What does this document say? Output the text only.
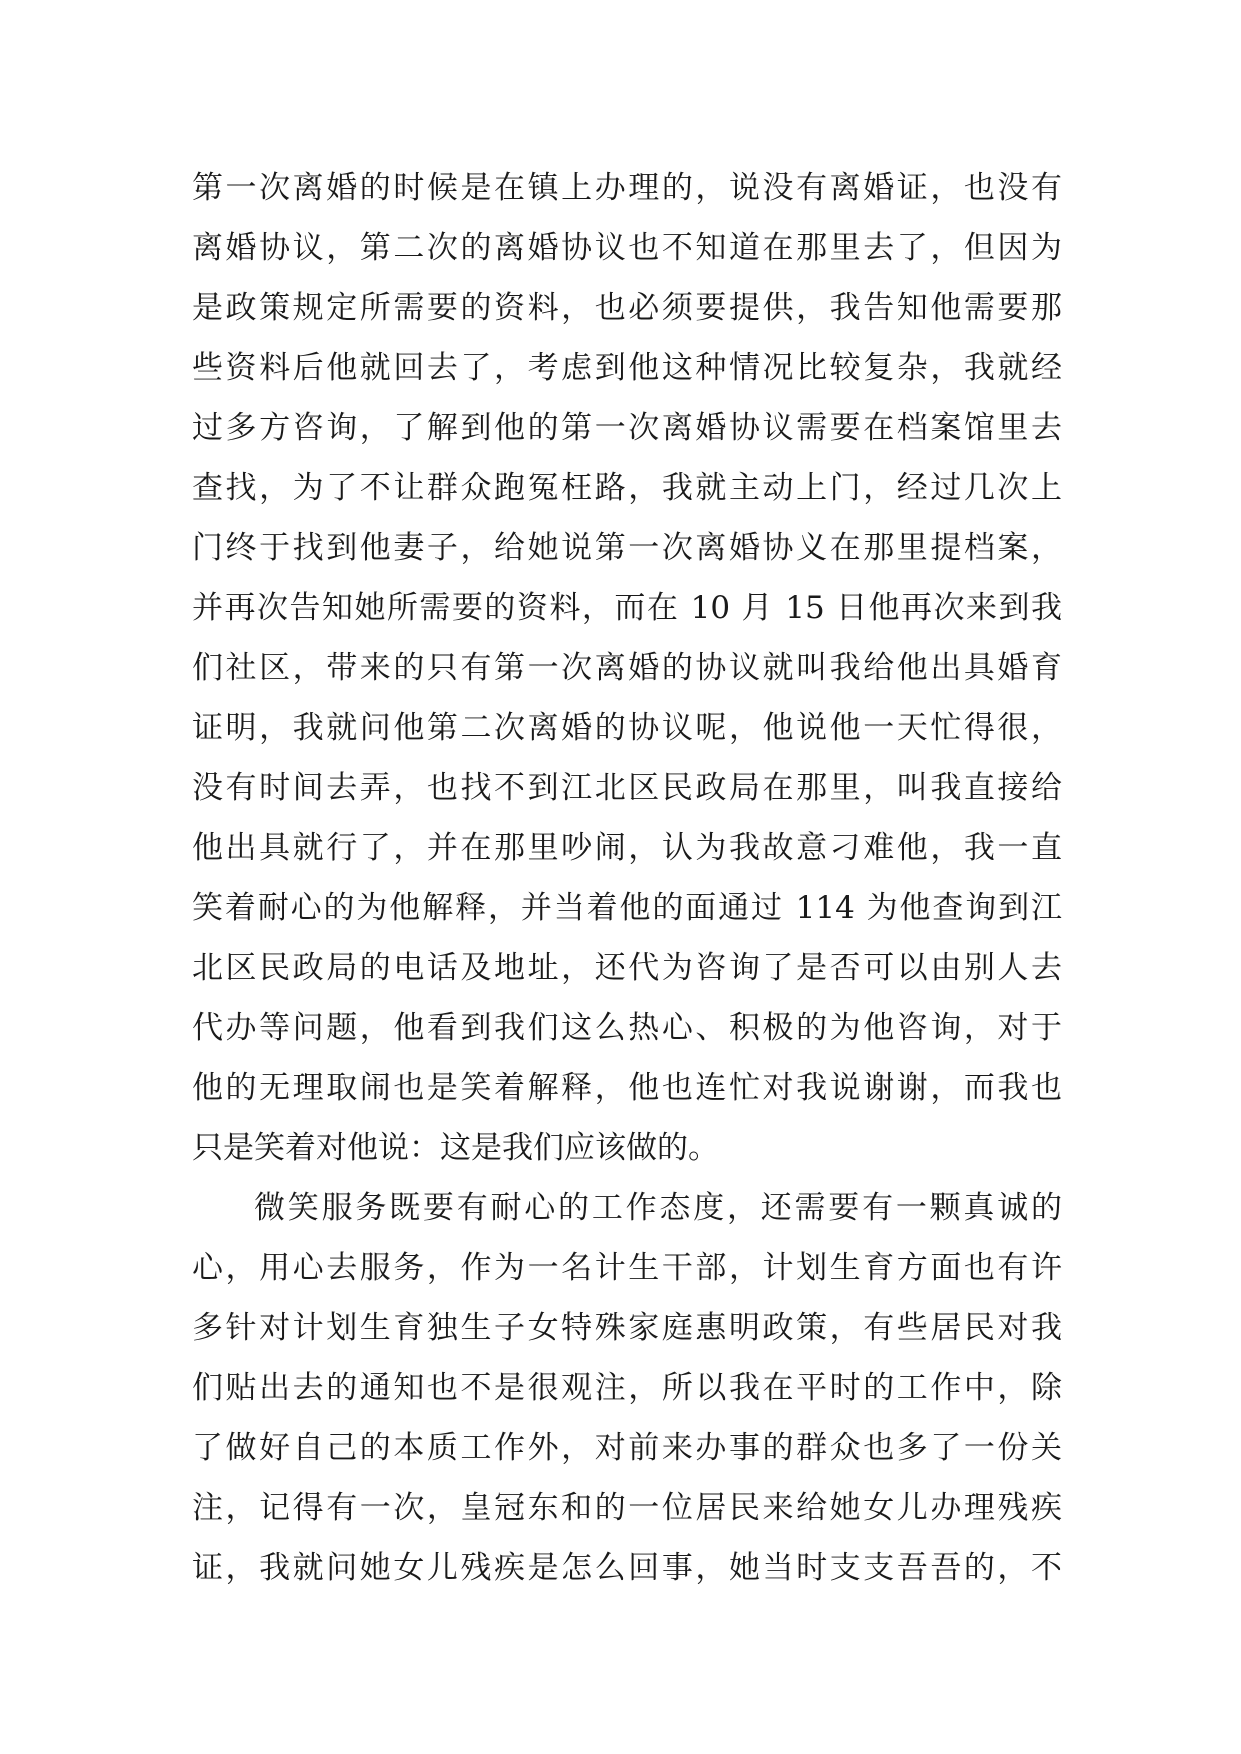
第一次离婚的时候是在镇上办理的，说没有离婚证，也没有
离婚协议，第二次的离婚协议也不知道在那里去了，但因为
是政策规定所需要的资料，也必须要提供，我告知他需要那
些资料后他就回去了，考虑到他这种情况比较复杂，我就经
过多方咨询，了解到他的第一次离婚协议需要在档案馆里去
查找，为了不让群众跑冤枉路，我就主动上门，经过几次上
门终于找到他妻子，给她说第一次离婚协义在那里提档案，
并再次告知她所需要的资料，而在 10 月 15 日他再次来到我
们社区，带来的只有第一次离婚的协议就叫我给他出具婚育
证明，我就问他第二次离婚的协议呢，他说他一天忙得很，
没有时间去弄，也找不到江北区民政局在那里，叫我直接给
他出具就行了，并在那里吵闹，认为我故意刁难他，我一直
笑着耐心的为他解释，并当着他的面通过 114 为他查询到江
北区民政局的电话及地址，还代为咨询了是否可以由别人去
代办等问题，他看到我们这么热心、积极的为他咨询，对于
他的无理取闹也是笑着解释，他也连忙对我说谢谢，而我也
只是笑着对他说：这是我们应该做的。
微笑服务既要有耐心的工作态度，还需要有一颗真诚的
心，用心去服务，作为一名计生干部，计划生育方面也有许
多针对计划生育独生子女特殊家庭惠明政策，有些居民对我
们贴出去的通知也不是很观注，所以我在平时的工作中，除
了做好自己的本质工作外，对前来办事的群众也多了一份关
注，记得有一次，皇冠东和的一位居民来给她女儿办理残疾
证，我就问她女儿残疾是怎么回事，她当时支支吾吾的，不
